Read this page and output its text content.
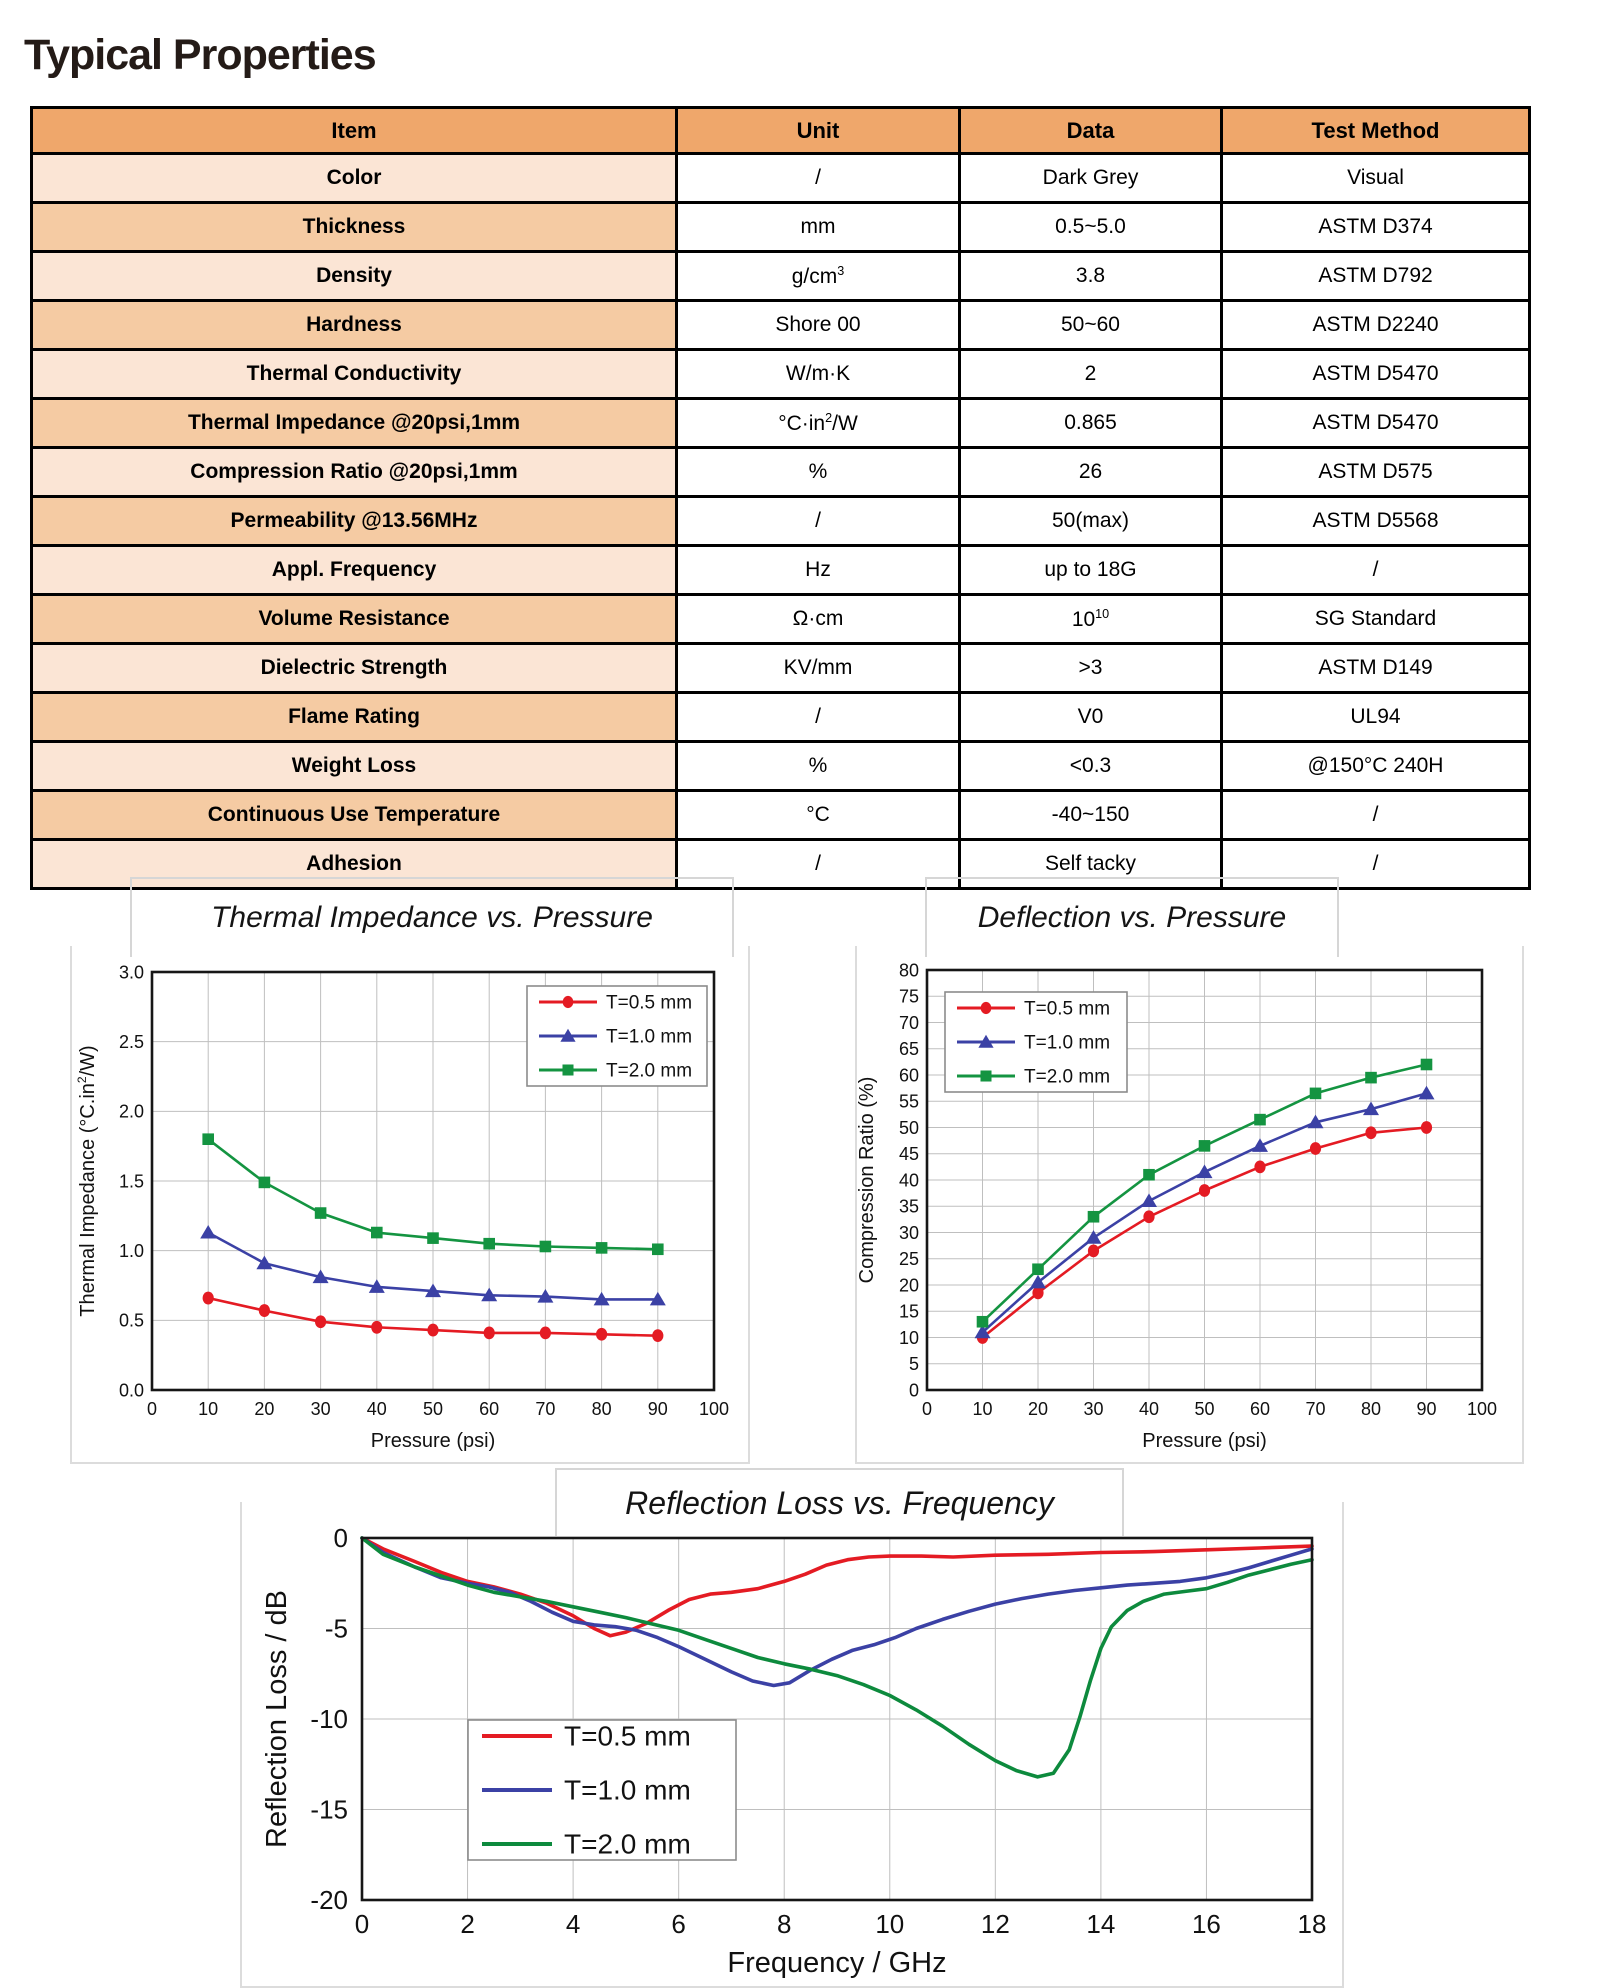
Typical Properties
Item	Unit	Data	Test Method
Color	/	Dark Grey	Visual
Thickness	mm	0.5~5.0	ASTM D374
Density	$g/cm^3$	3.8	ASTM D792
Hardness	Shore 00	50~60	ASTM D2240
Thermal Conductivity	W/m·K	2	ASTM D5470
Thermal Impedance @20psi,1mm	$^\circ C\cdot in^2/W$	0.865	ASTM D5470
Compression Ratio @20psi,1mm	%	26	ASTM D575
Permeability @13.56MHz	/	50(max)	ASTM D5568
Appl. Frequency	Hz	up to 18G	/
Volume Resistance	Ω·cm	$10^{10}$	SG Standard
Dielectric Strength	KV/mm	>3	ASTM D149
Flame Rating	/	V0	UL94
Weight Loss	%	<0.3	@150°C 240H
Continuous Use Temperature	°C	-40~150	/
Adhesion	/	Self tacky	/
Thermal Impedance vs. Pressure
0 10 20 30 40 50 60 70 80 90 100
0.0
0.5
1.0
1.5
2.0
2.5
3.0
Pressure (psi)
Thermal Impedance $(^\circ C.in^2/W)$
T=0.5 mm
T=1.0 mm
T=2.0 mm
Deflection vs. Pressure
0 10 20 30 40 50 60 70 80 90 100
0
5
10
15
20
25
30
35
40
45
50
55
60
65
70
75
80
Pressure (psi)
Compression Ratio (%)
T=0.5 mm
T=1.0 mm
T=2.0 mm
Reflection Loss vs. Frequency
0	2	4	6	8	10	12	14	16	18
0
-5
-10
-15
-20
Frequency / GHz
Reflection Loss / dB	T=0.5 mm
T=1.0 mm
T=2.0 mm
